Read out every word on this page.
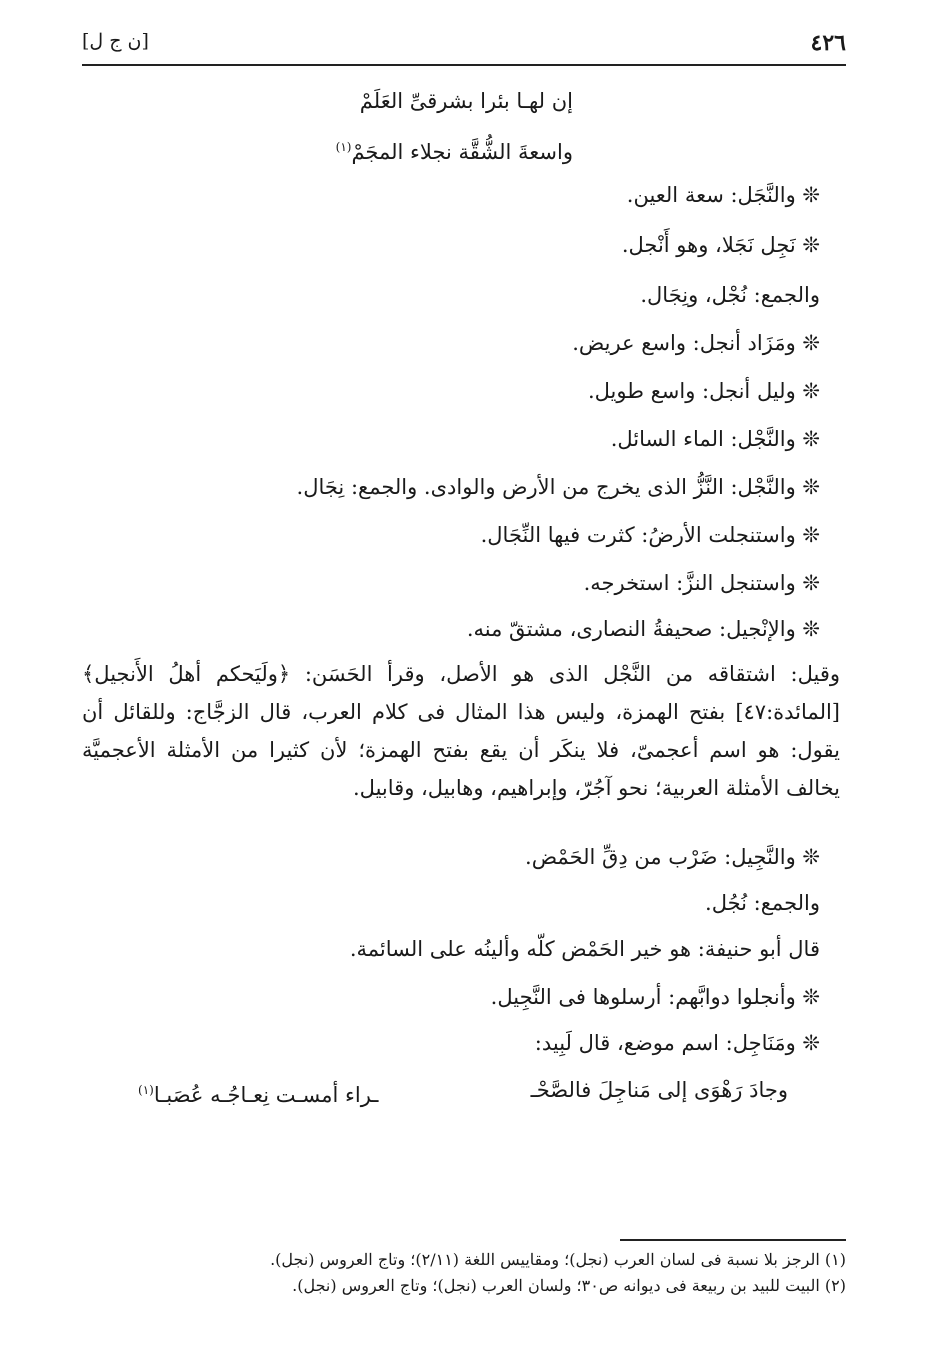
٤٢٦
[ن ج ل]
إن لهـا بئرا بشرقىِّ العَلَمْ
واسعةَ الشُّقَّة نجلاء المجَمْ$^{(١)}$
❊ والنَّجَل: سعة العين.
❊ نَجِل نَجَلا، وهو أَنْجل.
والجمع: نُجْل، ونِجَال.
❊ ومَزَاد أنجل: واسع عريض.
❊ وليل أنجل: واسع طويل.
❊ والنَّجْل: الماء السائل.
❊ والنَّجْل: النَّزُّ الذى يخرج من الأرض والوادى. والجمع: نِجَال.
❊ واستنجلت الأرضُ: كثرت فيها النِّجَال.
❊ واستنجل النزَّ: استخرجه.
❊ والإنْجيل: صحيفةُ النصارى، مشتقّ منه.
وقيل: اشتقاقه من النَّجْل الذى هو الأصل، وقرأ الحَسَن: ﴿ولَيَحكم أهلُ الأَنجيل﴾
[المائدة:٤٧] بفتح الهمزة، وليس هذا المثال فى كلام العرب، قال الزجَّاج: وللقائل أن
يقول: هو اسم أعجمىّ، فلا ينكَر أن يقع بفتح الهمزة؛ لأن كثيرا من الأمثلة الأعجميَّة
يخالف الأمثلة العربية؛ نحو آجُرّ، وإبراهيم، وهابيل، وقابيل.
❊ والنَّجِيل: ضَرْب من دِقِّ الحَمْض.
والجمع: نُجُل.
قال أبو حنيفة: هو خير الحَمْض كلّه وألينُه على السائمة.
❊ وأنجلوا دوابَّهم: أرسلوها فى النَّجِيل.
❊ ومَنَاجِل: اسم موضع، قال لَبِيد:
وجادَ رَهْوَى إلى مَناجِلَ فالصَّحْـ
ـراء أمسـت نِعـاجُـه عُصَبـا$^{(١)}$
(١) الرجز بلا نسبة فى لسان العرب (نجل)؛ ومقاييس اللغة (٢/١١)؛ وتاج العروس (نجل).
(٢) البيت للبيد بن ربيعة فى ديوانه ص٣٠؛ ولسان العرب (نجل)؛ وتاج العروس (نجل).
